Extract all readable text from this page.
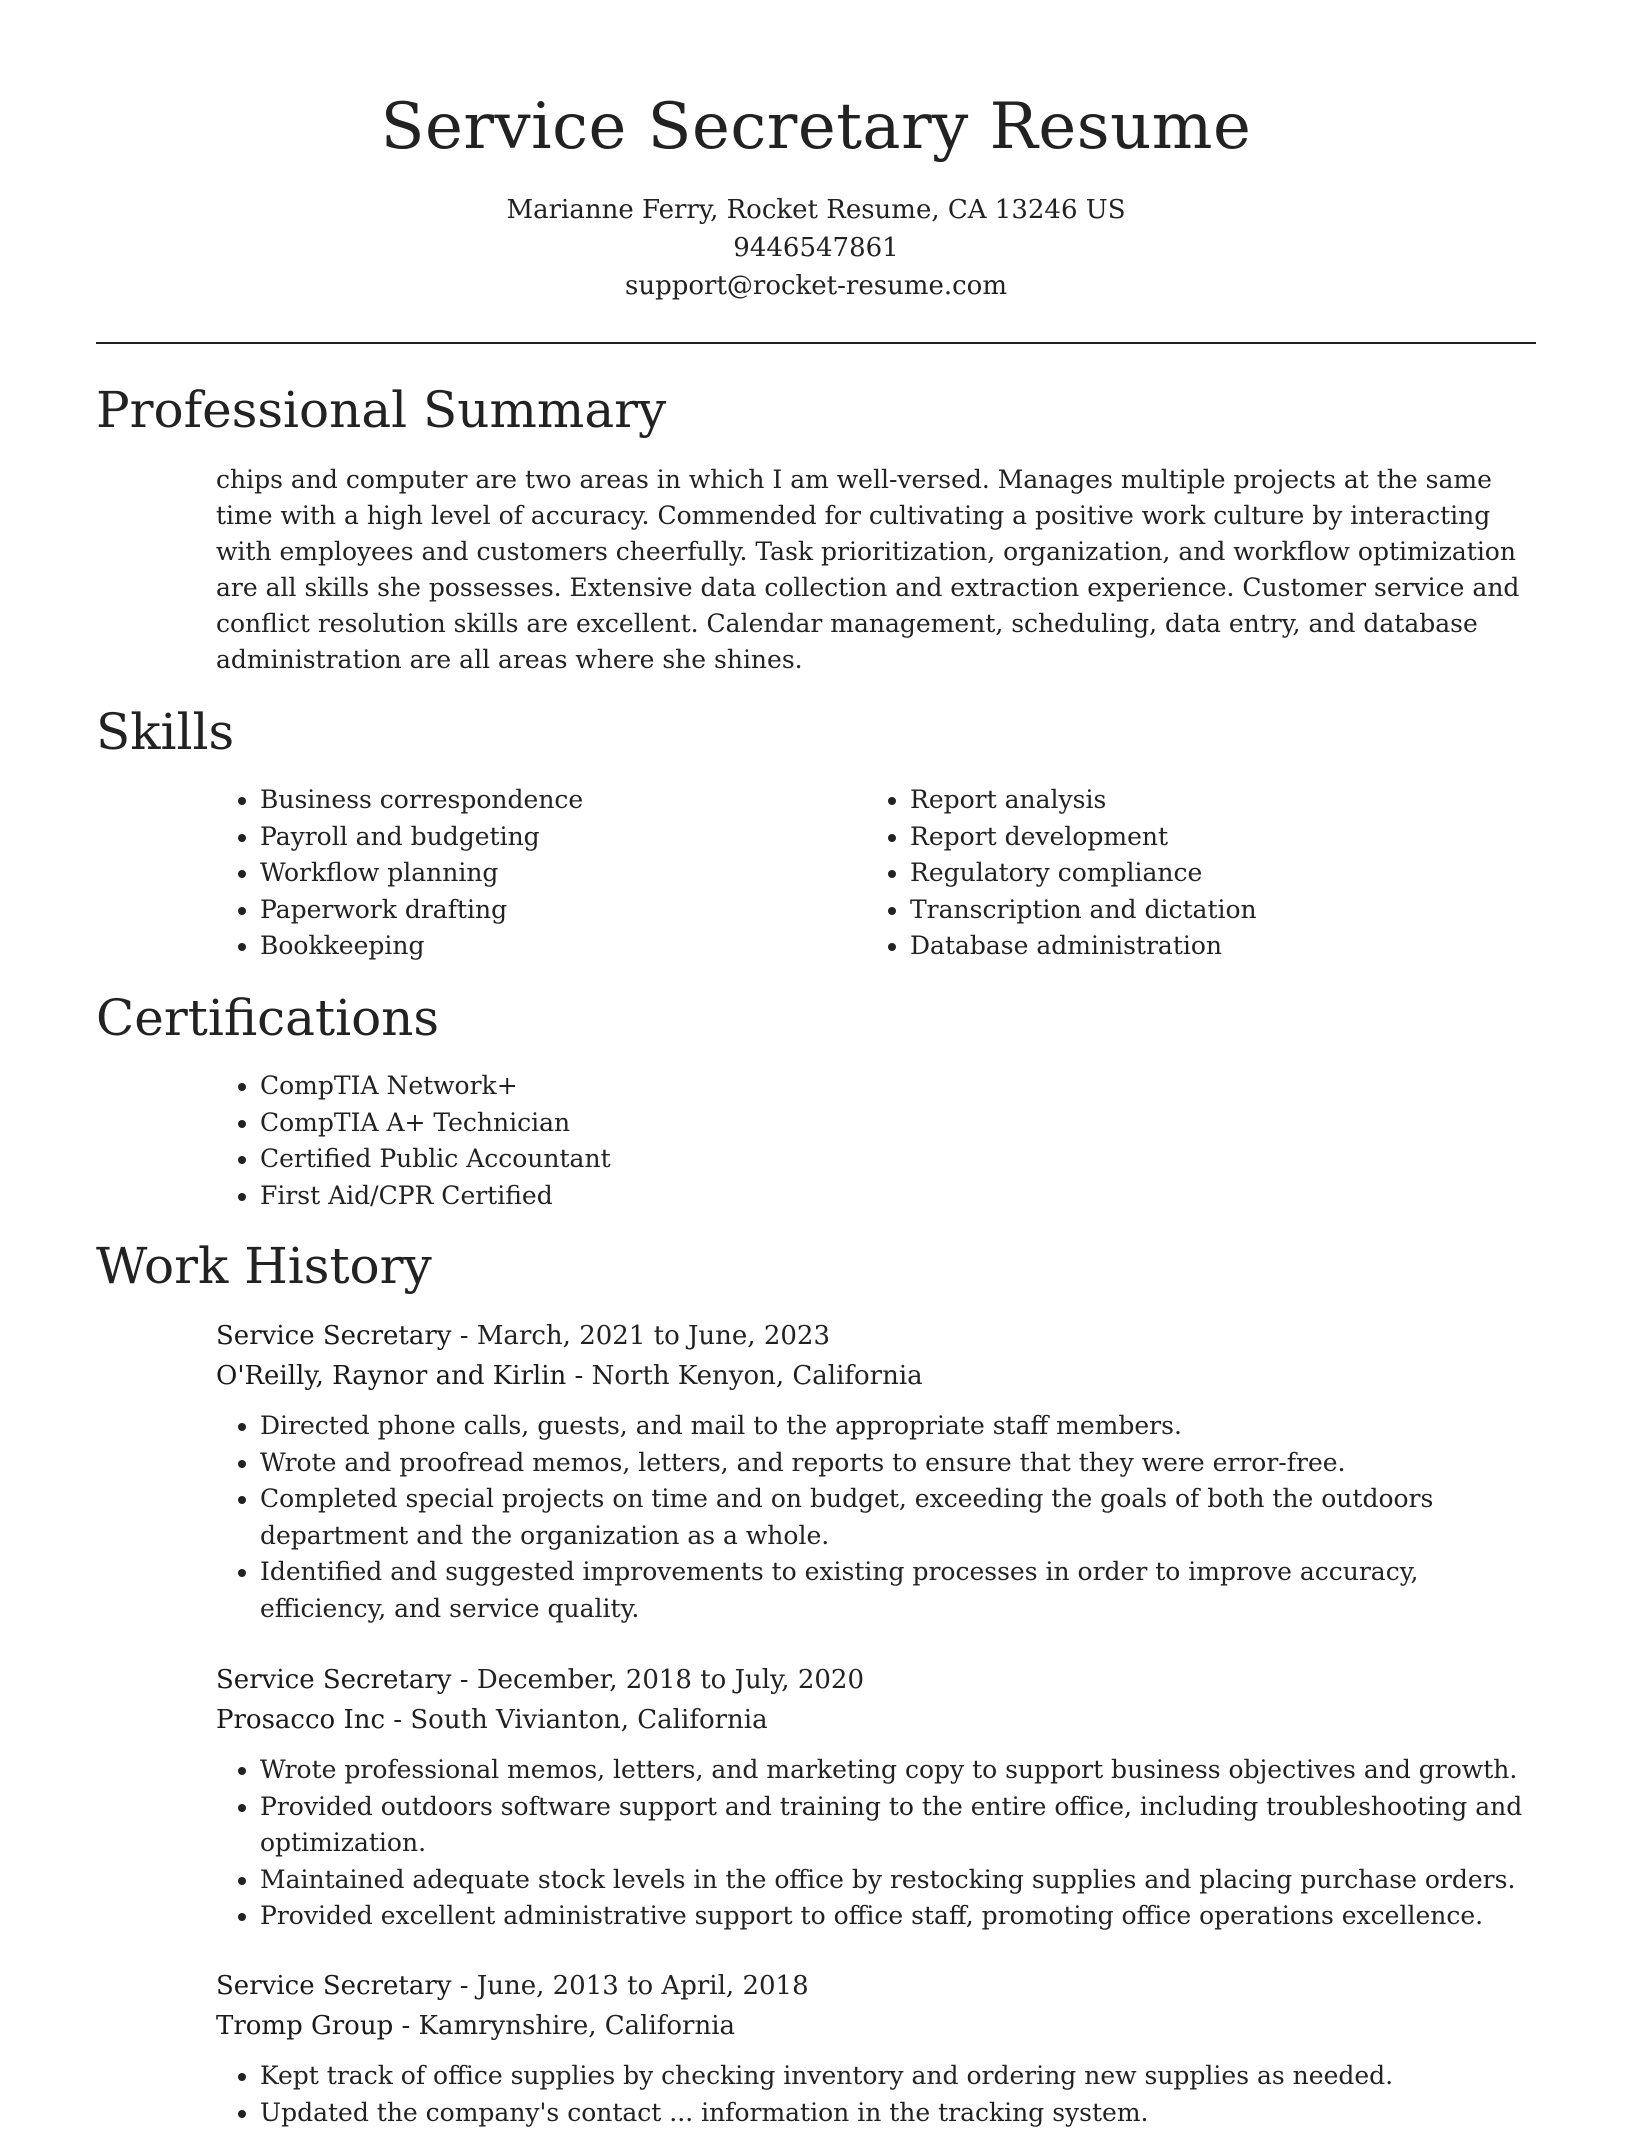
Service Secretary Resume
Marianne Ferry, Rocket Resume, CA 13246 US
9446547861
support@rocket-resume.com
Professional Summary

chips and computer are two areas in which I am well-versed. Manages multiple projects at the same time with a high level of accuracy. Commended for cultivating a positive work culture by interacting with employees and customers cheerfully. Task prioritization, organization, and workflow optimization are all skills she possesses. Extensive data collection and extraction experience. Customer service and conflict resolution skills are excellent. Calendar management, scheduling, data entry, and database administration are all areas where she shines.

Skills
• Business correspondence
• Payroll and budgeting
• Workflow planning
• Paperwork drafting
• Bookkeeping
• Report analysis
• Report development
• Regulatory compliance
• Transcription and dictation
• Database administration
Certifications
• CompTIA Network+
• CompTIA A+ Technician
• Certified Public Accountant
• First Aid/CPR Certified
Work History
Service Secretary - March, 2021 to June, 2023
O'Reilly, Raynor and Kirlin - North Kenyon, California
• Directed phone calls, guests, and mail to the appropriate staff members.
• Wrote and proofread memos, letters, and reports to ensure that they were error-free.
• Completed special projects on time and on budget, exceeding the goals of both the outdoors department and the organization as a whole.
• Identified and suggested improvements to existing processes in order to improve accuracy, efficiency, and service quality.
Service Secretary - December, 2018 to July, 2020
Prosacco Inc - South Vivianton, California
• Wrote professional memos, letters, and marketing copy to support business objectives and growth.
• Provided outdoors software support and training to the entire office, including troubleshooting and optimization.
• Maintained adequate stock levels in the office by restocking supplies and placing purchase orders.
• Provided excellent administrative support to office staff, promoting office operations excellence.
Service Secretary - June, 2013 to April, 2018
Tromp Group - Kamrynshire, California
• Kept track of office supplies by checking inventory and ordering new supplies as needed.
• Updated the company's contact ... information in the tracking system.
